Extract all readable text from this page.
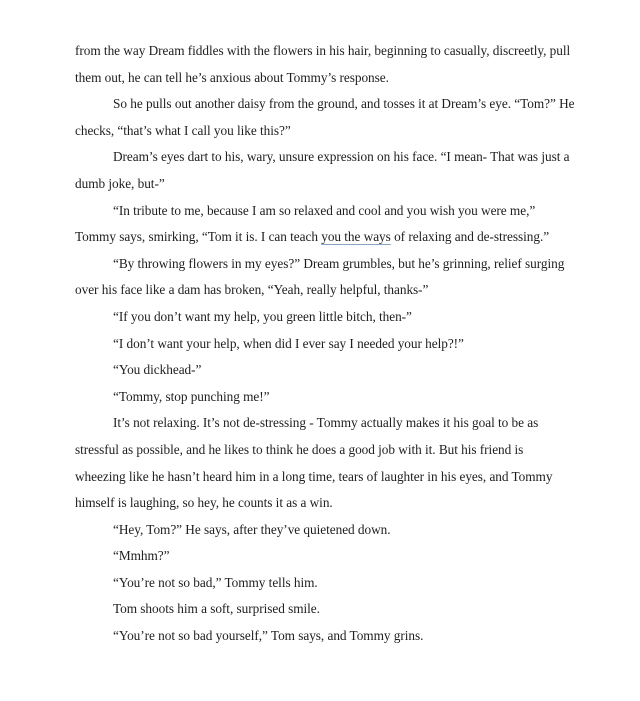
from the way Dream fiddles with the flowers in his hair, beginning to casually, discreetly, pull them out, he can tell he’s anxious about Tommy’s response.

So he pulls out another daisy from the ground, and tosses it at Dream’s eye. “Tom?” He checks, “that’s what I call you like this?”

Dream’s eyes dart to his, wary, unsure expression on his face. “I mean- That was just a dumb joke, but-”

“In tribute to me, because I am so relaxed and cool and you wish you were me,” Tommy says, smirking, “Tom it is. I can teach you the ways of relaxing and de-stressing.”

“By throwing flowers in my eyes?” Dream grumbles, but he’s grinning, relief surging over his face like a dam has broken, “Yeah, really helpful, thanks-”

“If you don’t want my help, you green little bitch, then-”

“I don’t want your help, when did I ever say I needed your help?!”

“You dickhead-”

“Tommy, stop punching me!”

It’s not relaxing. It’s not de-stressing - Tommy actually makes it his goal to be as stressful as possible, and he likes to think he does a good job with it. But his friend is wheezing like he hasn’t heard him in a long time, tears of laughter in his eyes, and Tommy himself is laughing, so hey, he counts it as a win.

“Hey, Tom?” He says, after they’ve quietened down.

“Mmhm?”

“You’re not so bad,” Tommy tells him.

Tom shoots him a soft, surprised smile.

“You’re not so bad yourself,” Tom says, and Tommy grins.
